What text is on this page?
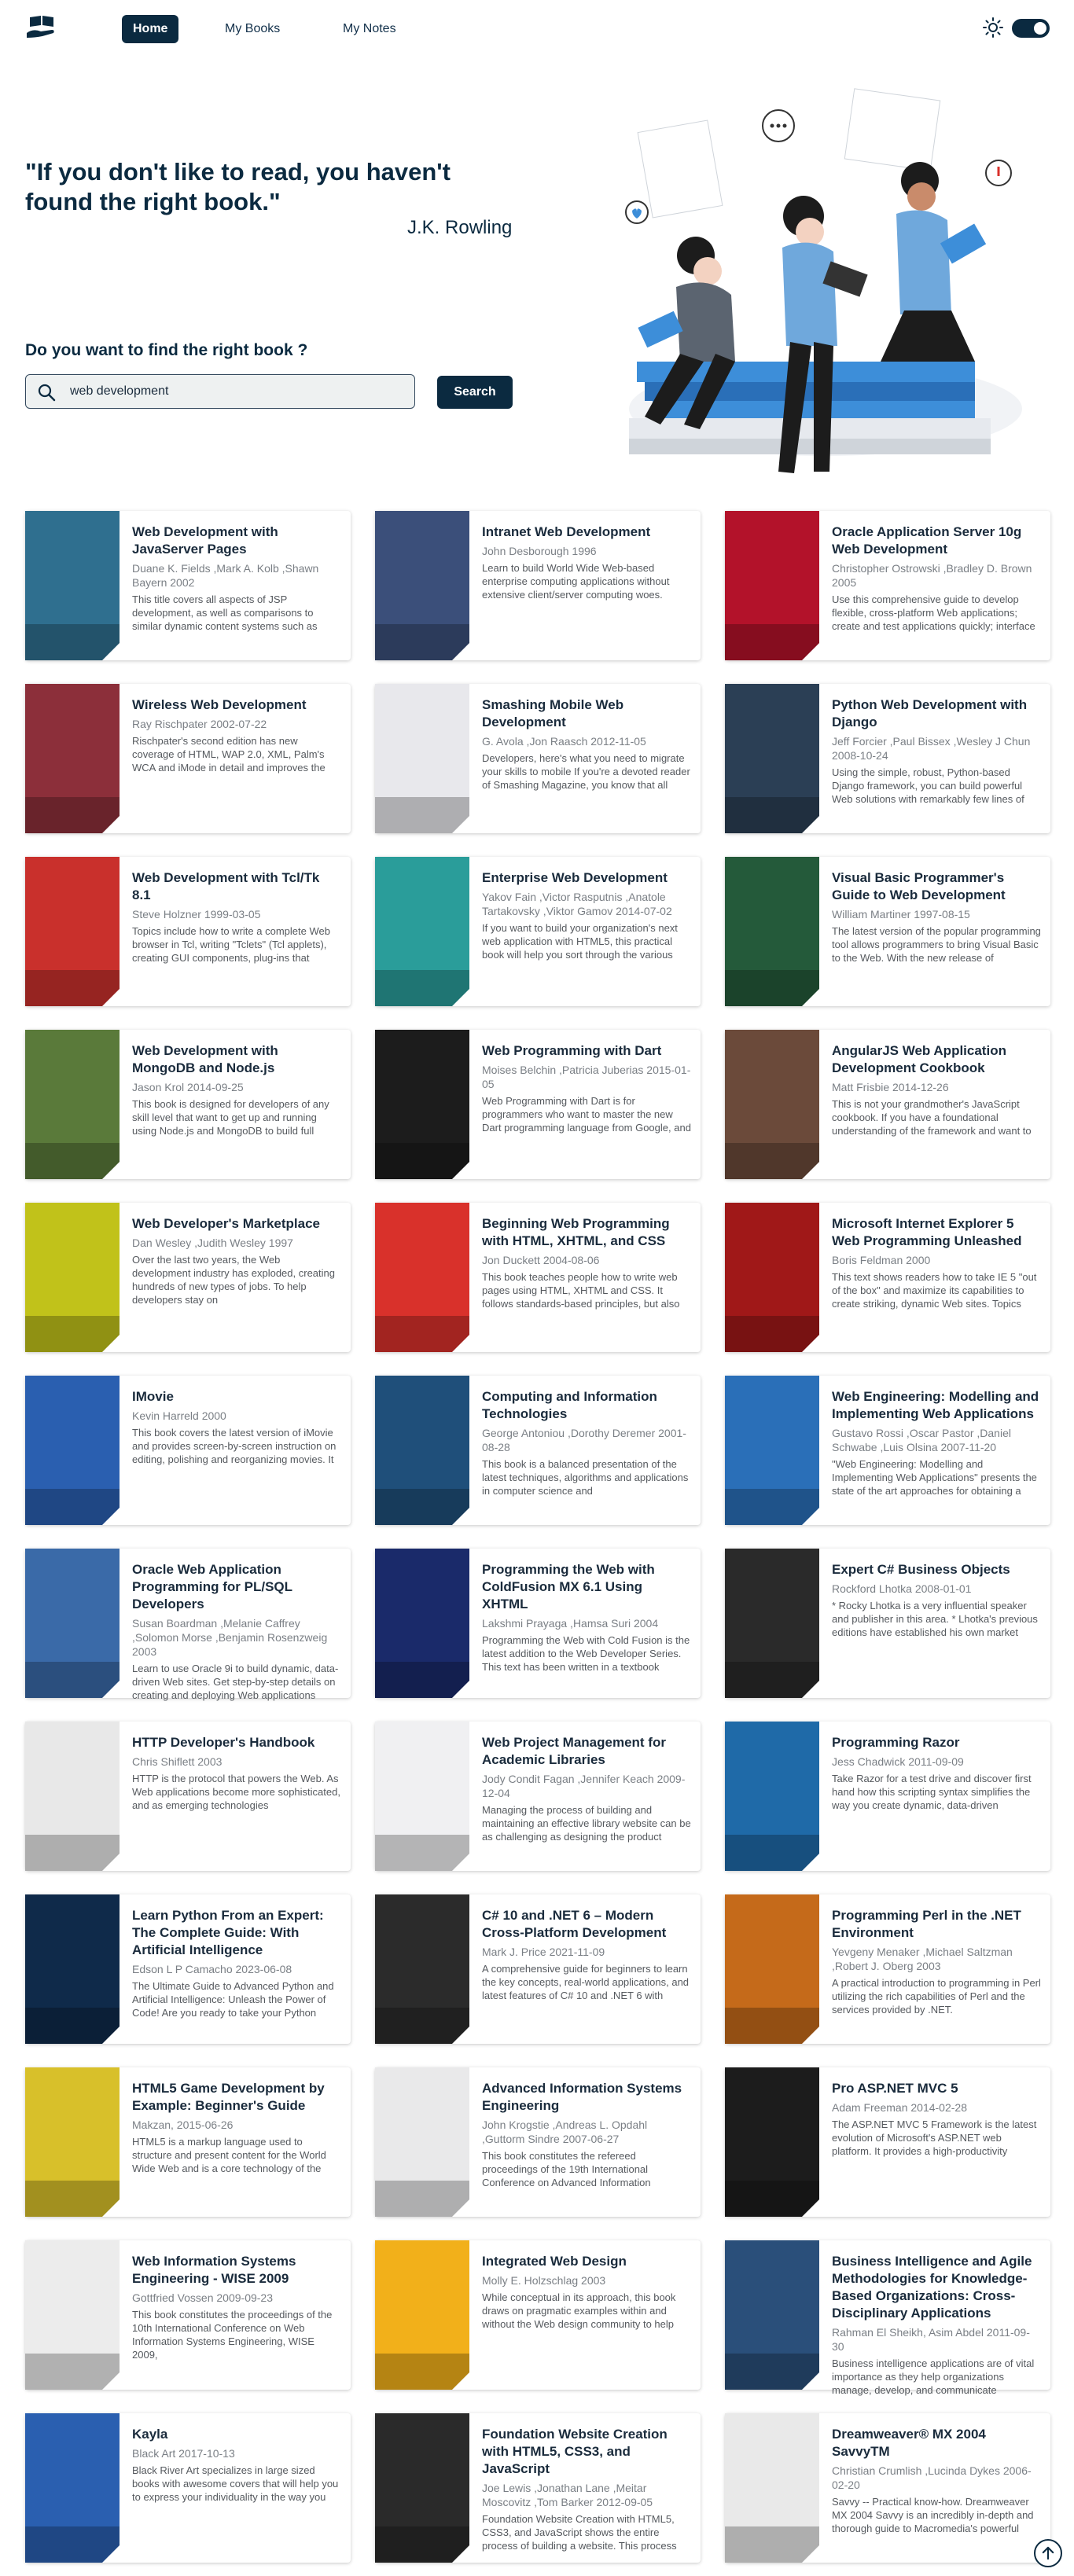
Home	My Books	My Notes
"If you don't like to read, you haven't found the right book."
J.K. Rowling
Do you want to find the right book ?
web development
Search
Web Development with JavaServer Pages
Duane K. Fields ,Mark A. Kolb ,Shawn Bayern 2002
This title covers all aspects of JSP development, as well as comparisons to similar dynamic content systems such as
Intranet Web Development
John Desborough 1996
Learn to build World Wide Web-based enterprise computing applications without extensive client/server computing woes.
Oracle Application Server 10g Web Development
Christopher Ostrowski ,Bradley D. Brown 2005
Use this comprehensive guide to develop flexible, cross-platform Web applications; create and test applications quickly; interface
Wireless Web Development
Ray Rischpater 2002-07-22
Rischpater's second edition has new coverage of HTML, WAP 2.0, XML, Palm's WCA and iMode in detail and improves the
Smashing Mobile Web Development
G. Avola ,Jon Raasch 2012-11-05
Developers, here's what you need to migrate your skills to mobile If you're a devoted reader of Smashing Magazine, you know that all
Python Web Development with Django
Jeff Forcier ,Paul Bissex ,Wesley J Chun 2008-10-24
Using the simple, robust, Python-based Django framework, you can build powerful Web solutions with remarkably few lines of
Web Development with Tcl/Tk 8.1
Steve Holzner 1999-03-05
Topics include how to write a complete Web browser in Tcl, writing "Tclets" (Tcl applets), creating GUI components, plug-ins that
Enterprise Web Development
Yakov Fain ,Victor Rasputnis ,Anatole Tartakovsky ,Viktor Gamov 2014-07-02
If you want to build your organization's next web application with HTML5, this practical book will help you sort through the various
Visual Basic Programmer's Guide to Web Development
William Martiner 1997-08-15
The latest version of the popular programming tool allows programmers to bring Visual Basic to the Web. With the new release of
Web Development with MongoDB and Node.js
Jason Krol 2014-09-25
This book is designed for developers of any skill level that want to get up and running using Node.js and MongoDB to build full
Web Programming with Dart
Moises Belchin ,Patricia Juberias 2015-01-05
Web Programming with Dart is for programmers who want to master the new Dart programming language from Google, and
AngularJS Web Application Development Cookbook
Matt Frisbie 2014-12-26
This is not your grandmother's JavaScript cookbook. If you have a foundational understanding of the framework and want to
Web Developer's Marketplace
Dan Wesley ,Judith Wesley 1997
Over the last two years, the Web development industry has exploded, creating hundreds of new types of jobs. To help developers stay on
Beginning Web Programming with HTML, XHTML, and CSS
Jon Duckett 2004-08-06
This book teaches people how to write web pages using HTML, XHTML and CSS. It follows standards-based principles, but also
Microsoft Internet Explorer 5 Web Programming Unleashed
Boris Feldman 2000
This text shows readers how to take IE 5 "out of the box" and maximize its capabilities to create striking, dynamic Web sites. Topics
IMovie
Kevin Harreld 2000
This book covers the latest version of iMovie and provides screen-by-screen instruction on editing, polishing and reorganizing movies. It
Computing and Information Technologies
George Antoniou ,Dorothy Deremer 2001-08-28
This book is a balanced presentation of the latest techniques, algorithms and applications in computer science and
Web Engineering: Modelling and Implementing Web Applications
Gustavo Rossi ,Oscar Pastor ,Daniel Schwabe ,Luis Olsina 2007-11-20
"Web Engineering: Modelling and Implementing Web Applications" presents the state of the art approaches for obtaining a
Oracle Web Application Programming for PL/SQL Developers
Susan Boardman ,Melanie Caffrey ,Solomon Morse ,Benjamin Rosenzweig 2003
Learn to use Oracle 9i to build dynamic, data-driven Web sites. Get step-by-step details on creating and deploying Web applications
Programming the Web with ColdFusion MX 6.1 Using XHTML
Lakshmi Prayaga ,Hamsa Suri 2004
Programming the Web with Cold Fusion is the latest addition to the Web Developer Series. This text has been written in a textbook
Expert C# Business Objects
Rockford Lhotka 2008-01-01
* Rocky Lhotka is a very influential speaker and publisher in this area. * Lhotka's previous editions have established his own market
HTTP Developer's Handbook
Chris Shiflett 2003
HTTP is the protocol that powers the Web. As Web applications become more sophisticated, and as emerging technologies
Web Project Management for Academic Libraries
Jody Condit Fagan ,Jennifer Keach 2009-12-04
Managing the process of building and maintaining an effective library website can be as challenging as designing the product
Programming Razor
Jess Chadwick 2011-09-09
Take Razor for a test drive and discover first hand how this scripting syntax simplifies the way you create dynamic, data-driven
Learn Python From an Expert: The Complete Guide: With Artificial Intelligence
Edson L P Camacho 2023-06-08
The Ultimate Guide to Advanced Python and Artificial Intelligence: Unleash the Power of Code! Are you ready to take your Python
C# 10 and .NET 6 – Modern Cross-Platform Development
Mark J. Price 2021-11-09
A comprehensive guide for beginners to learn the key concepts, real-world applications, and latest features of C# 10 and .NET 6 with
Programming Perl in the .NET Environment
Yevgeny Menaker ,Michael Saltzman ,Robert J. Oberg 2003
A practical introduction to programming in Perl utilizing the rich capabilities of Perl and the services provided by .NET.
HTML5 Game Development by Example: Beginner's Guide
Makzan, 2015-06-26
HTML5 is a markup language used to structure and present content for the World Wide Web and is a core technology of the
Advanced Information Systems Engineering
John Krogstie ,Andreas L. Opdahl ,Guttorm Sindre 2007-06-27
This book constitutes the refereed proceedings of the 19th International Conference on Advanced Information
Pro ASP.NET MVC 5
Adam Freeman 2014-02-28
The ASP.NET MVC 5 Framework is the latest evolution of Microsoft's ASP.NET web platform. It provides a high-productivity
Web Information Systems Engineering - WISE 2009
Gottfried Vossen 2009-09-23
This book constitutes the proceedings of the 10th International Conference on Web Information Systems Engineering, WISE 2009,
Integrated Web Design
Molly E. Holzschlag 2003
While conceptual in its approach, this book draws on pragmatic examples within and without the Web design community to help
Business Intelligence and Agile Methodologies for Knowledge-Based Organizations: Cross-Disciplinary Applications
Rahman El Sheikh, Asim Abdel 2011-09-30
Business intelligence applications are of vital importance as they help organizations manage, develop, and communicate
Kayla
Black Art 2017-10-13
Black River Art specializes in large sized books with awesome covers that will help you to express your individuality in the way you
Foundation Website Creation with HTML5, CSS3, and JavaScript
Joe Lewis ,Jonathan Lane ,Meitar Moscovitz ,Tom Barker 2012-09-05
Foundation Website Creation with HTML5, CSS3, and JavaScript shows the entire process of building a website. This process
Dreamweaver® MX 2004 SavvyTM
Christian Crumlish ,Lucinda Dykes 2006-02-20
Savvy -- Practical know-how. Dreamweaver MX 2004 Savvy is an incredibly in-depth and thorough guide to Macromedia's powerful
